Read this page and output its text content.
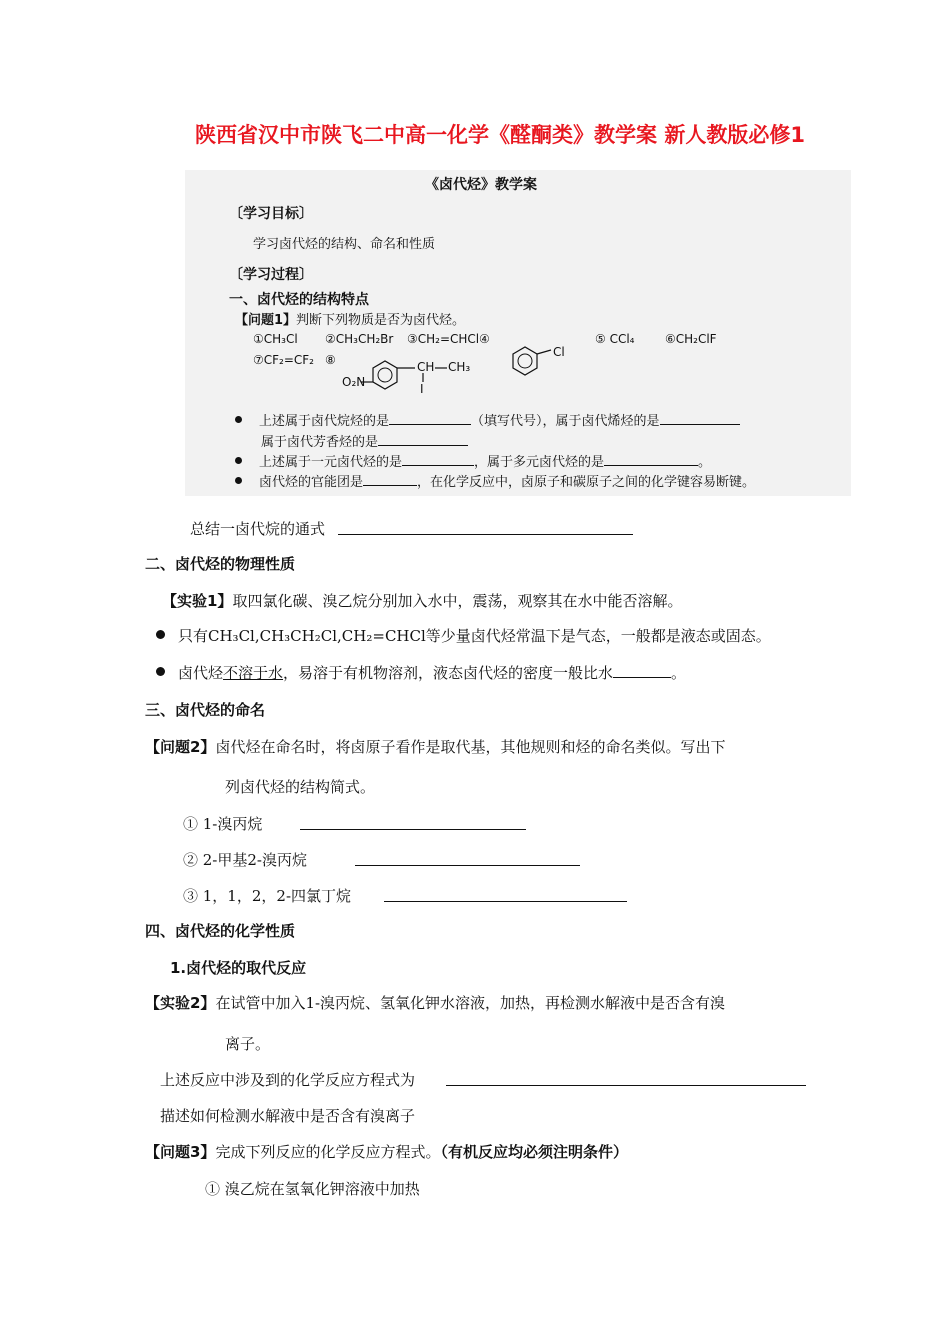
陕西省汉中市陕飞二中高一化学《醛酮类》教学案 新人教版必修1
《卤代烃》教学案
〔学习目标〕
学习卤代烃的结构、命名和性质
〔学习过程〕
一、卤代烃的结构特点
【问题1】判断下列物质是否为卤代烃。
①CH₃Cl ②CH₃CH₂Br ③CH₂=CHCl ④	⑤ CCl₄	⑥CH₂ClF
⑦CF₂=CF₂ ⑧	CH CH₃
I
O₂N
Cl
上述属于卤代烷烃的是	（填写代号），属于卤代烯烃的是
属于卤代芳香烃的是
上述属于一元卤代烃的是	，属于多元卤代烃的是	。
卤代烃的官能团是	，在化学反应中，卤原子和碳原子之间的化学键容易断键。
总结一卤代烷的通式
二、卤代烃的物理性质
【实验1】取四氯化碳、溴乙烷分别加入水中，震荡，观察其在水中能否溶解。
只有CH₃Cl,CH₃CH₂Cl,CH₂=CHCl等少量卤代烃常温下是气态，一般都是液态或固态。
卤代烃不溶于水，易溶于有机物溶剂，液态卤代烃的密度一般比水	。
三、卤代烃的命名
【问题2】卤代烃在命名时，将卤原子看作是取代基，其他规则和烃的命名类似。写出下
列卤代烃的结构简式。
① 1-溴丙烷
② 2-甲基2-溴丙烷
③ 1，1，2，2-四氯丁烷
四、卤代烃的化学性质
1.卤代烃的取代反应
【实验2】在试管中加入1-溴丙烷、氢氧化钾水溶液，加热，再检测水解液中是否含有溴
离子。
上述反应中涉及到的化学反应方程式为
描述如何检测水解液中是否含有溴离子
【问题3】完成下列反应的化学反应方程式。（有机反应均必须注明条件）
① 溴乙烷在氢氧化钾溶液中加热
